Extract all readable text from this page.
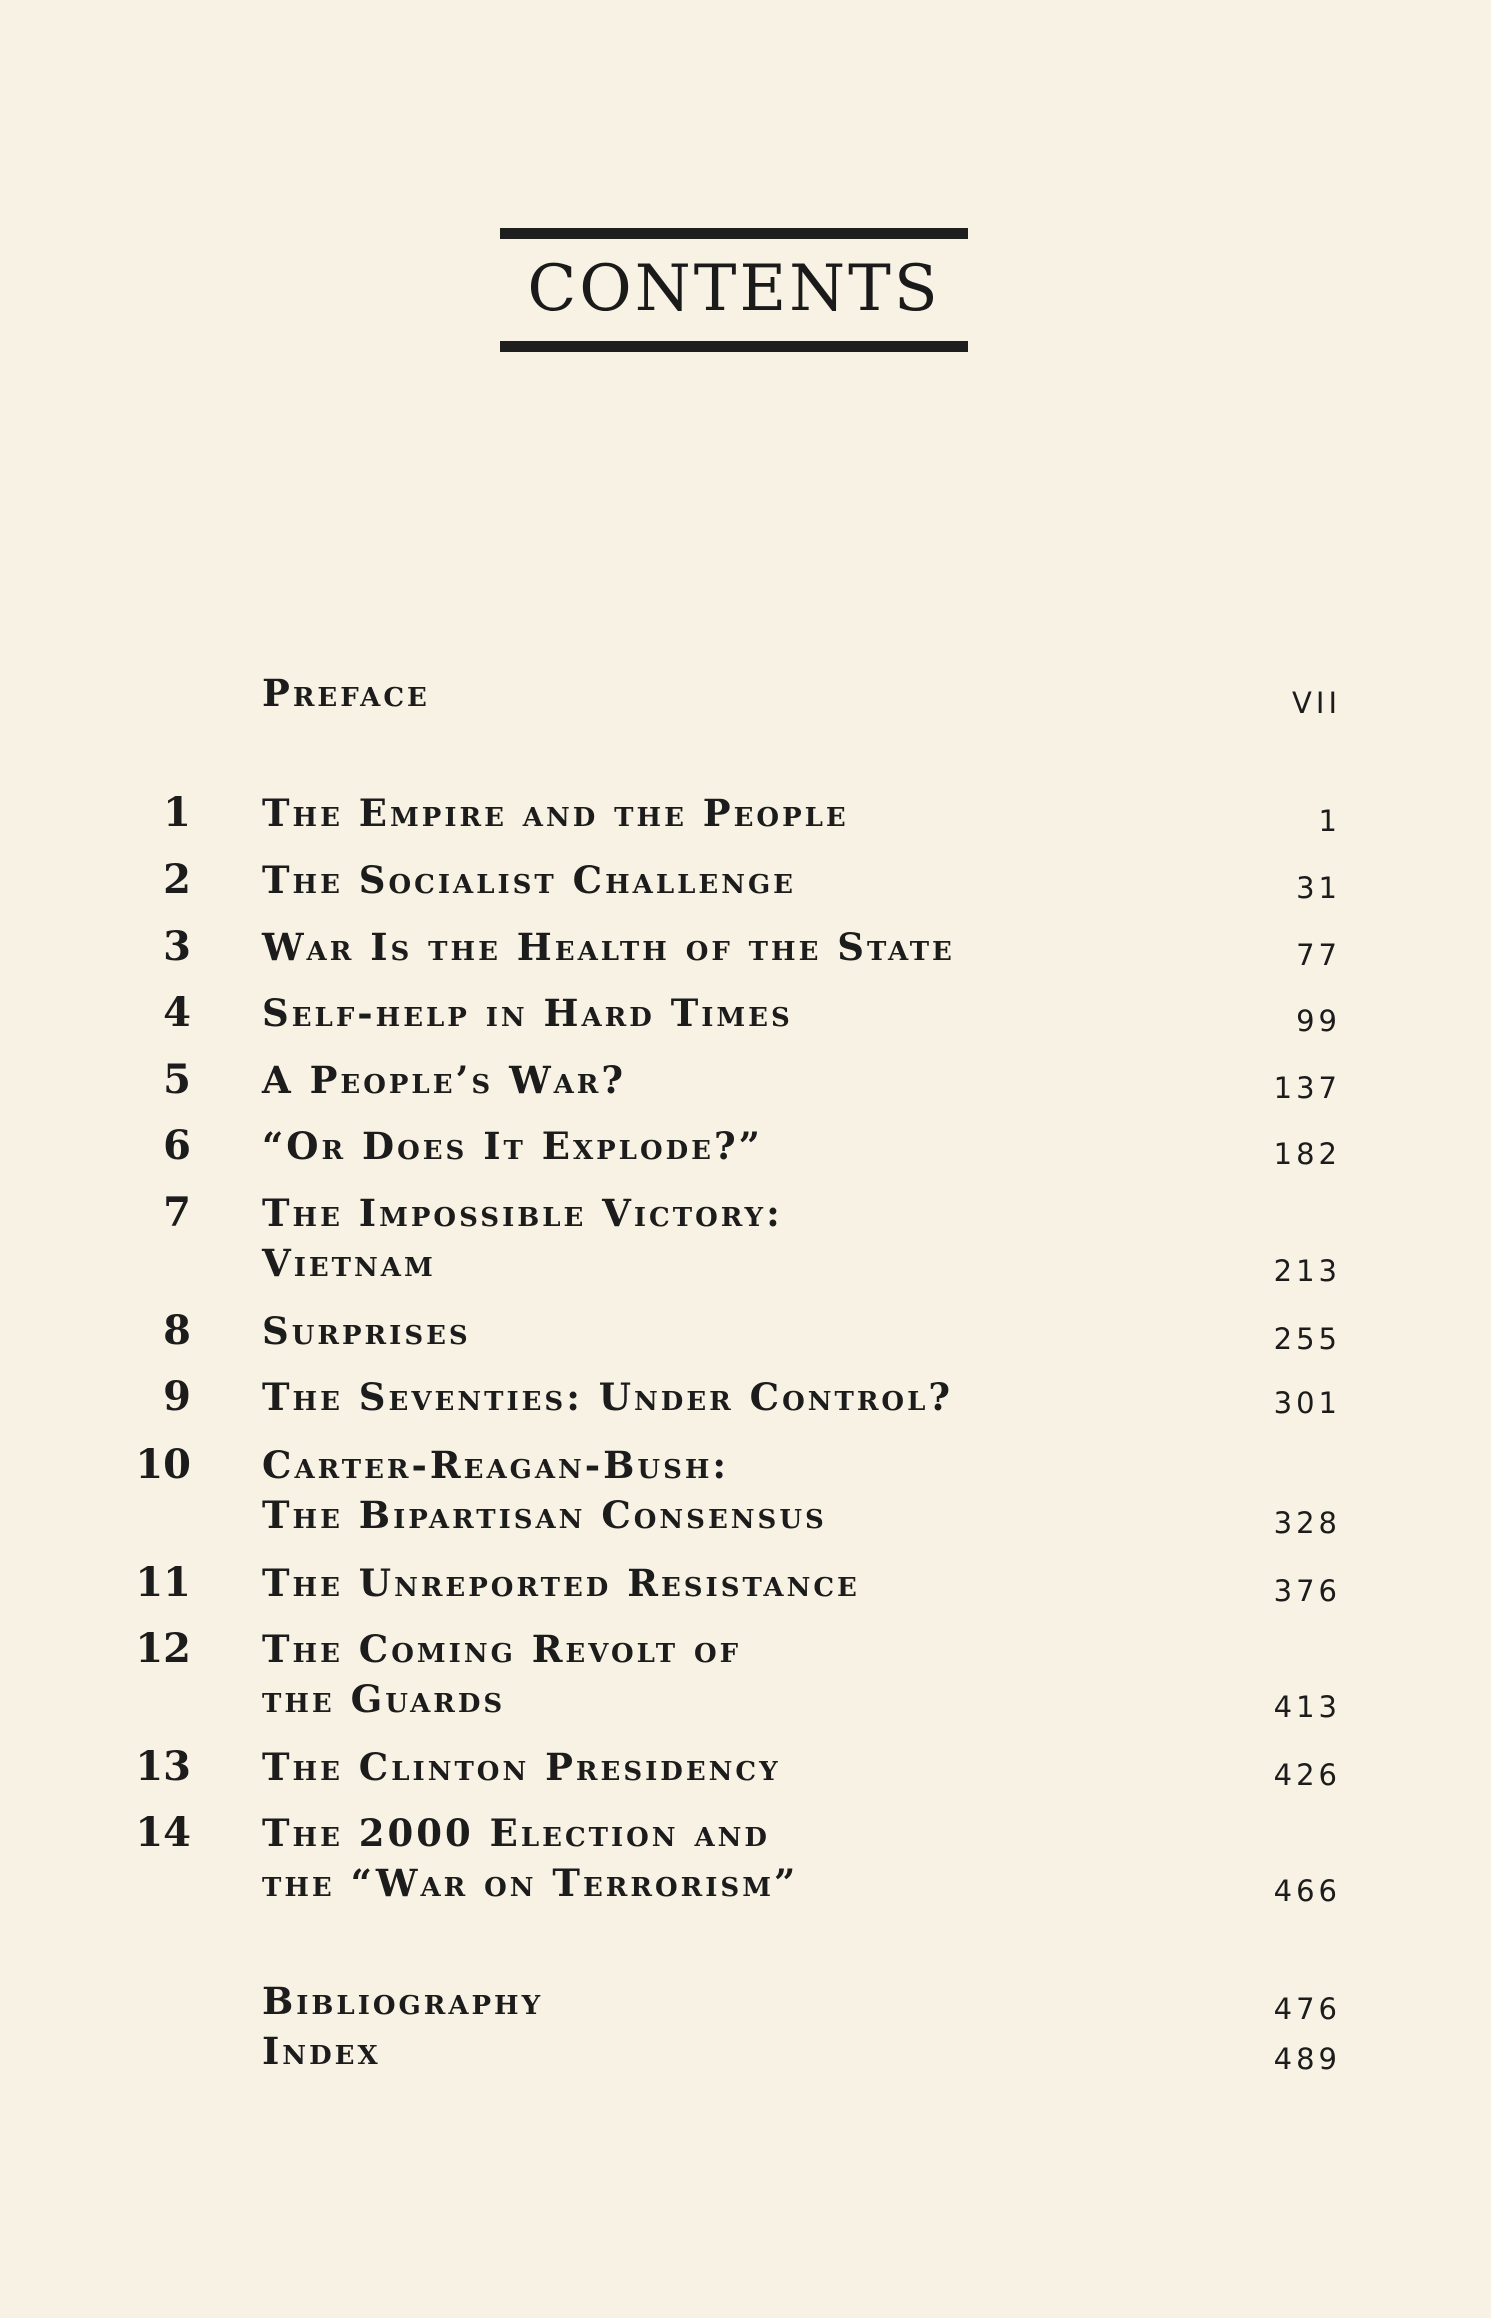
CONTENTS
Preface	VII
1 The Empire and the People	1
2 The Socialist Challenge	31
3 War Is the Health of the State	77
4 Self-help in Hard Times	99
5 A People’s War?	137
6 “Or Does It Explode?”	182
7 The Impossible Victory:
Vietnam	213
8 Surprises	255
9 The Seventies: Under Control?	301
10 Carter-Reagan-Bush:
The Bipartisan Consensus	328
11 The Unreported Resistance	376
12 The Coming Revolt of
the Guards	413
13 The Clinton Presidency	426
14 The 2000 Election and
the “War on Terrorism”	466
Bibliography	476
Index	489
